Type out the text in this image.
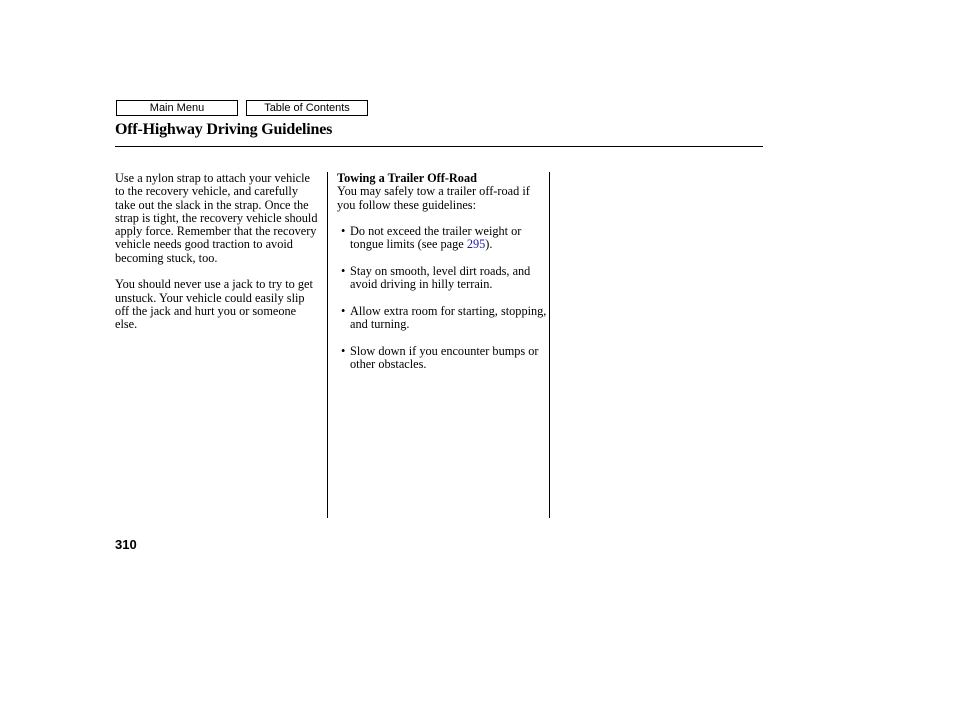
Main Menu	Table of Contents
Off-Highway Driving Guidelines

Use a nylon strap to attach your vehicle to the recovery vehicle, and carefully take out the slack in the strap. Once the strap is tight, the recovery vehicle should apply force. Remember that the recovery vehicle needs good traction to avoid becoming stuck, too.

You should never use a jack to try to get unstuck. Your vehicle could easily slip off the jack and hurt you or someone else.

Towing a Trailer Off-Road

You may safely tow a trailer off-road if you follow these guidelines:

• Do not exceed the trailer weight or tongue limits (see page 295).
• Stay on smooth, level dirt roads, and avoid driving in hilly terrain.
• Allow extra room for starting, stopping, and turning.
• Slow down if you encounter bumps or other obstacles.
310
